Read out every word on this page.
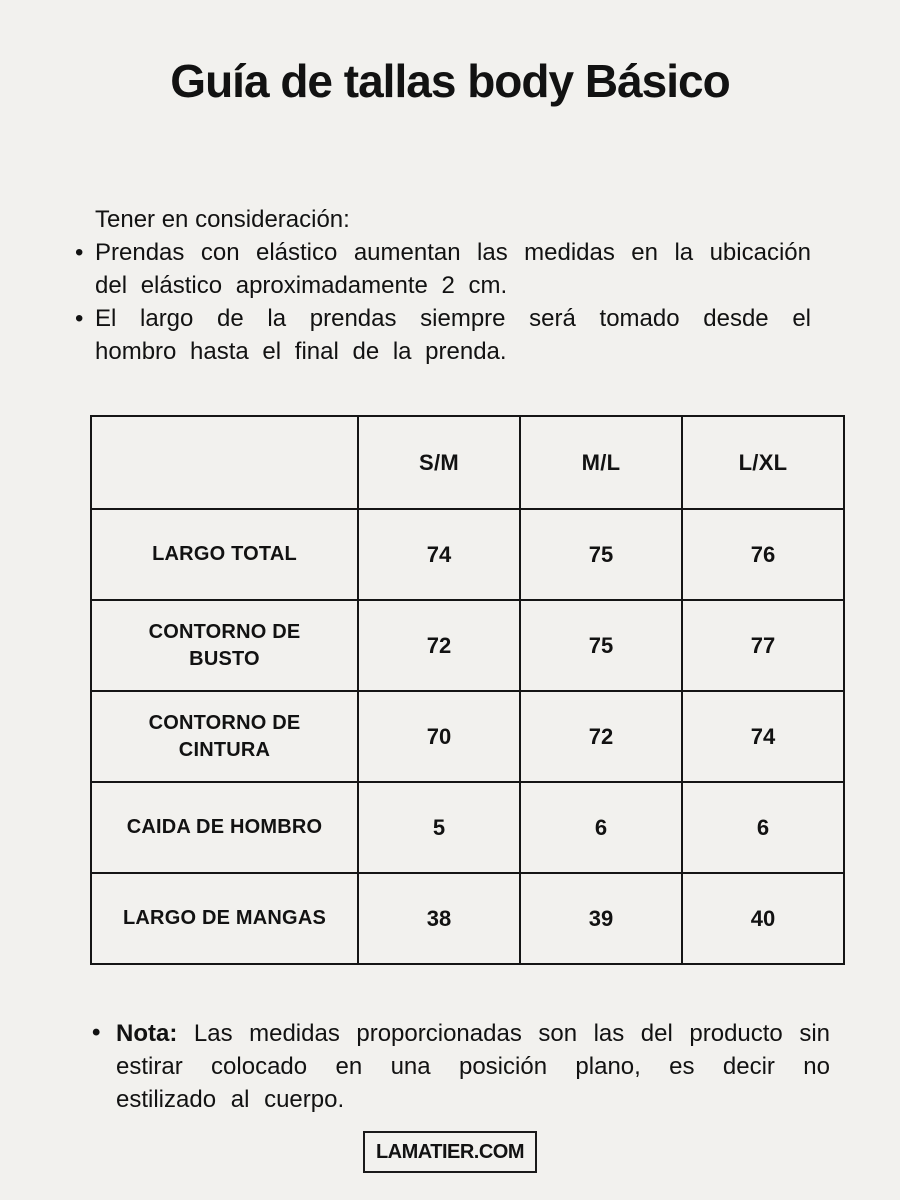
Guía de tallas body Básico
Tener en consideración:
• Prendas con elástico aumentan las medidas en la ubicación del elástico aproximadamente 2 cm.
• El largo de la prendas siempre será tomado desde el hombro hasta el final de la prenda.
	S/M	M/L	L/XL
LARGO TOTAL	74	75	76
CONTORNO DE BUSTO	72	75	77
CONTORNO DE CINTURA	70	72	74
CAIDA DE HOMBRO	5	6	6
LARGO DE MANGAS	38	39	40
• Nota: Las medidas proporcionadas son las del producto sin estirar colocado en una posición plano, es decir no estilizado al cuerpo.
LAMATIER.COM
